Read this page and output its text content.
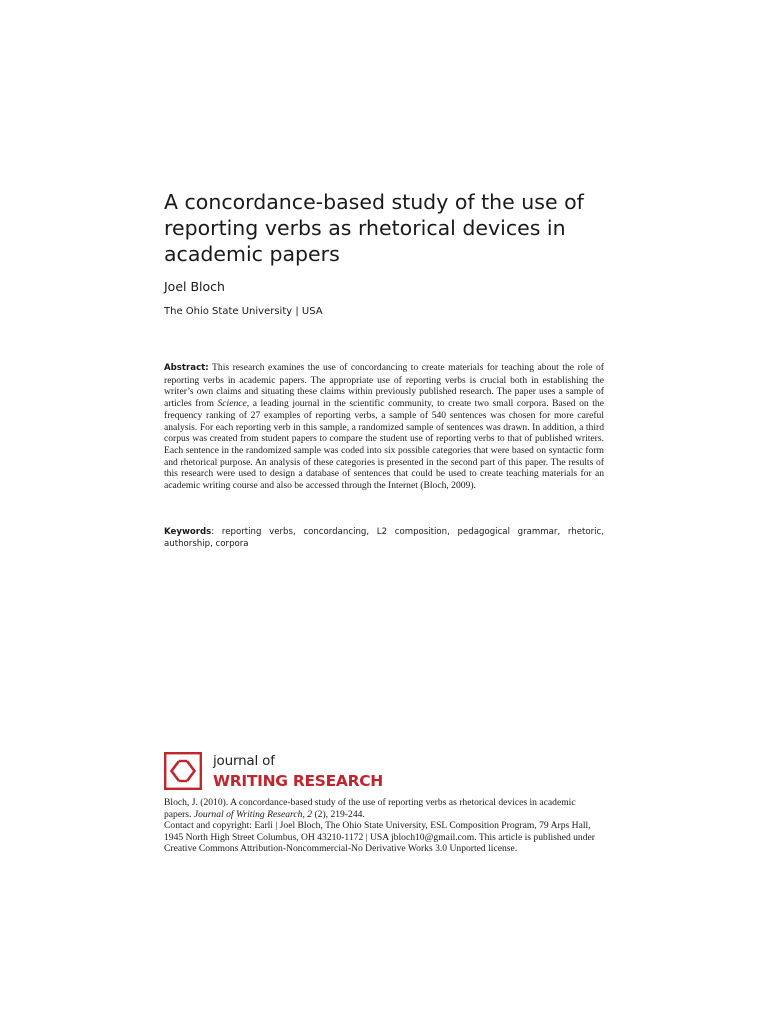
A concordance-based study of the use of reporting verbs as rhetorical devices in academic papers
Joel Bloch
The Ohio State University | USA

Abstract: This research examines the use of concordancing to create materials for teaching about the role of reporting verbs in academic papers. The appropriate use of reporting verbs is crucial both in establishing the writer’s own claims and situating these claims within previously published research. The paper uses a sample of articles from Science, a leading journal in the scientific community, to create two small corpora. Based on the frequency ranking of 27 examples of reporting verbs, a sample of 540 sentences was chosen for more careful analysis. For each reporting verb in this sample, a randomized sample of sentences was drawn. In addition, a third corpus was created from student papers to compare the student use of reporting verbs to that of published writers. Each sentence in the randomized sample was coded into six possible categories that were based on syntactic form and rhetorical purpose. An analysis of these categories is presented in the second part of this paper. The results of this research were used to design a database of sentences that could be used to create teaching materials for an academic writing course and also be accessed through the Internet (Bloch, 2009).

Keywords: reporting verbs, concordancing, L2 composition, pedagogical grammar, rhetoric, authorship, corpora

journal of
WRITING RESEARCH

Bloch, J. (2010). A concordance-based study of the use of reporting verbs as rhetorical devices in academic papers. Journal of Writing Research, 2 (2), 219-244.
Contact and copyright: Earli | Joel Bloch, The Ohio State University, ESL Composition Program, 79 Arps Hall, 1945 North High Street Columbus, OH 43210-1172 | USA jbloch10@gmail.com. This article is published under Creative Commons Attribution-Noncommercial-No Derivative Works 3.0 Unported license.
